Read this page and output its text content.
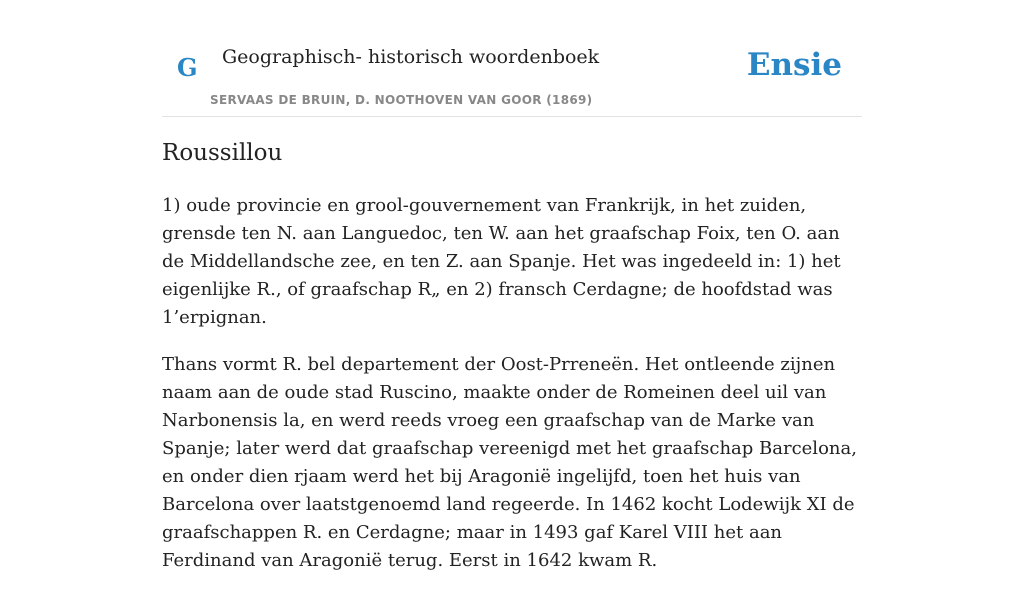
G Geographisch- historisch woordenboek
SERVAAS DE BRUIN, D. NOOTHOVEN VAN GOOR (1869)
Ensie
Roussillou

1) oude provincie en grool-gouvernement van Frankrijk, in het zuiden, grensde ten N. aan Languedoc, ten W. aan het graafschap Foix, ten O. aan de Middellandsche zee, en ten Z. aan Spanje. Het was ingedeeld in: 1) het eigenlijke R., of graafschap R„ en 2) fransch Cerdagne; de hoofdstad was 1’erpignan.

Thans vormt R. bel departement der Oost-Prreneën. Het ontleende zijnen naam aan de oude stad Ruscino, maakte onder de Romeinen deel uil van Narbonensis la, en werd reeds vroeg een graafschap van de Marke van Spanje; later werd dat graafschap vereenigd met het graafschap Barcelona, en onder dien rjaam werd het bij Aragonië ingelijfd, toen het huis van Barcelona over laatstgenoemd land regeerde. In 1462 kocht Lodewijk XI de graafschappen R. en Cerdagne; maar in 1493 gaf Karel VIII het aan Ferdinand van Aragonië terug. Eerst in 1642 kwam R.
